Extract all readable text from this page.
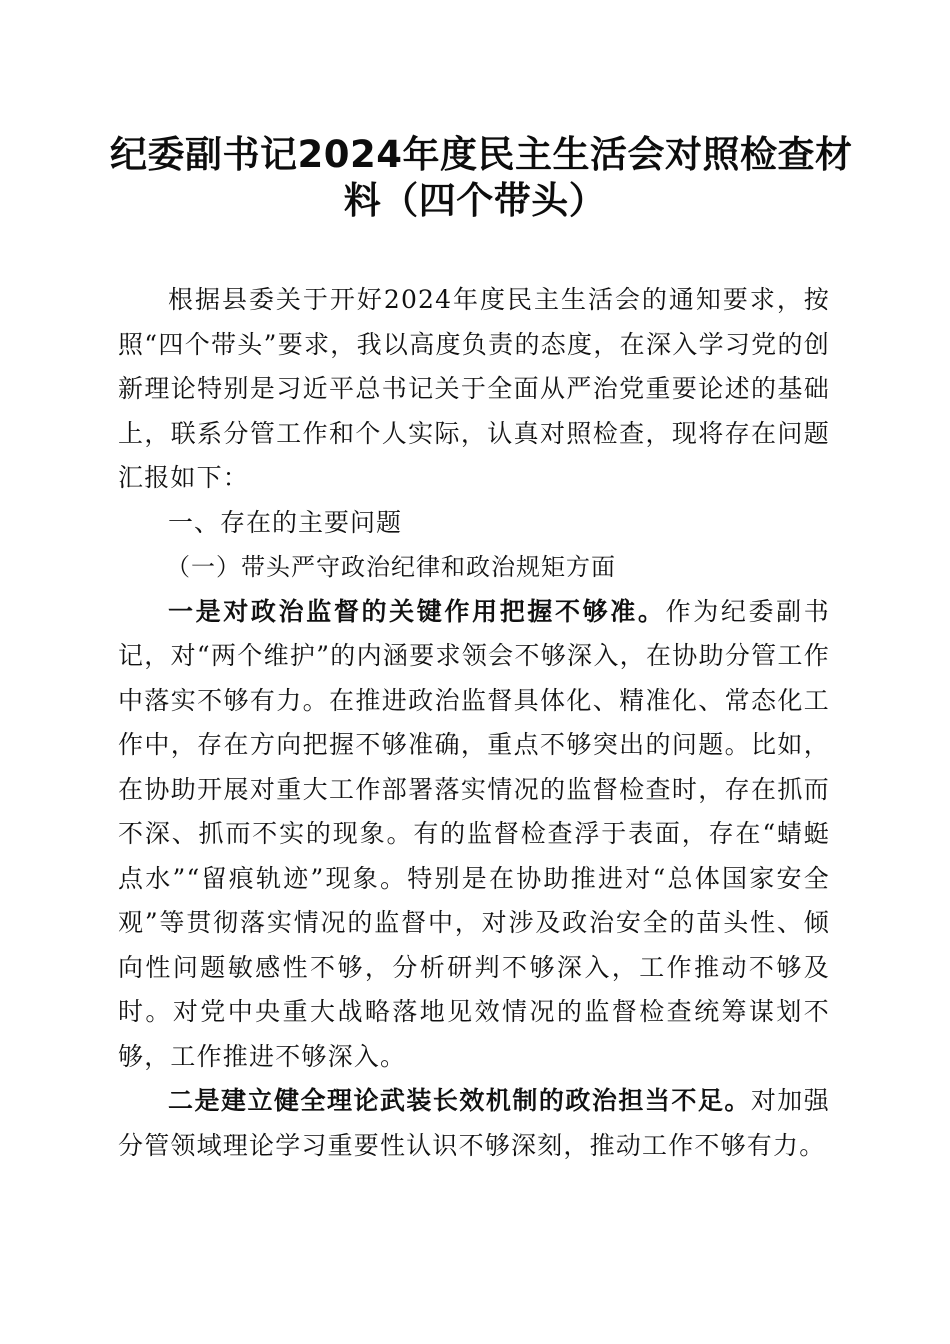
纪委副书记2024年度民主生活会对照检查材
料（四个带头）

根据县委关于开好2024年度民主生活会的通知要求，按照“四个带头”要求，我以高度负责的态度，在深入学习党的创新理论特别是习近平总书记关于全面从严治党重要论述的基础上，联系分管工作和个人实际，认真对照检查，现将存在问题汇报如下：

一、存在的主要问题

（一）带头严守政治纪律和政治规矩方面

一是对政治监督的关键作用把握不够准。作为纪委副书记，对“两个维护”的内涵要求领会不够深入，在协助分管工作中落实不够有力。在推进政治监督具体化、精准化、常态化工作中，存在方向把握不够准确，重点不够突出的问题。比如，在协助开展对重大工作部署落实情况的监督检查时，存在抓而不深、抓而不实的现象。有的监督检查浮于表面，存在“蜻蜓点水”“留痕轨迹”现象。特别是在协助推进对“总体国家安全观”等贯彻落实情况的监督中，对涉及政治安全的苗头性、倾向性问题敏感性不够，分析研判不够深入，工作推动不够及时。对党中央重大战略落地见效情况的监督检查统筹谋划不够，工作推进不够深入。

二是建立健全理论武装长效机制的政治担当不足。对加强分管领域理论学习重要性认识不够深刻，推动工作不够有力。
